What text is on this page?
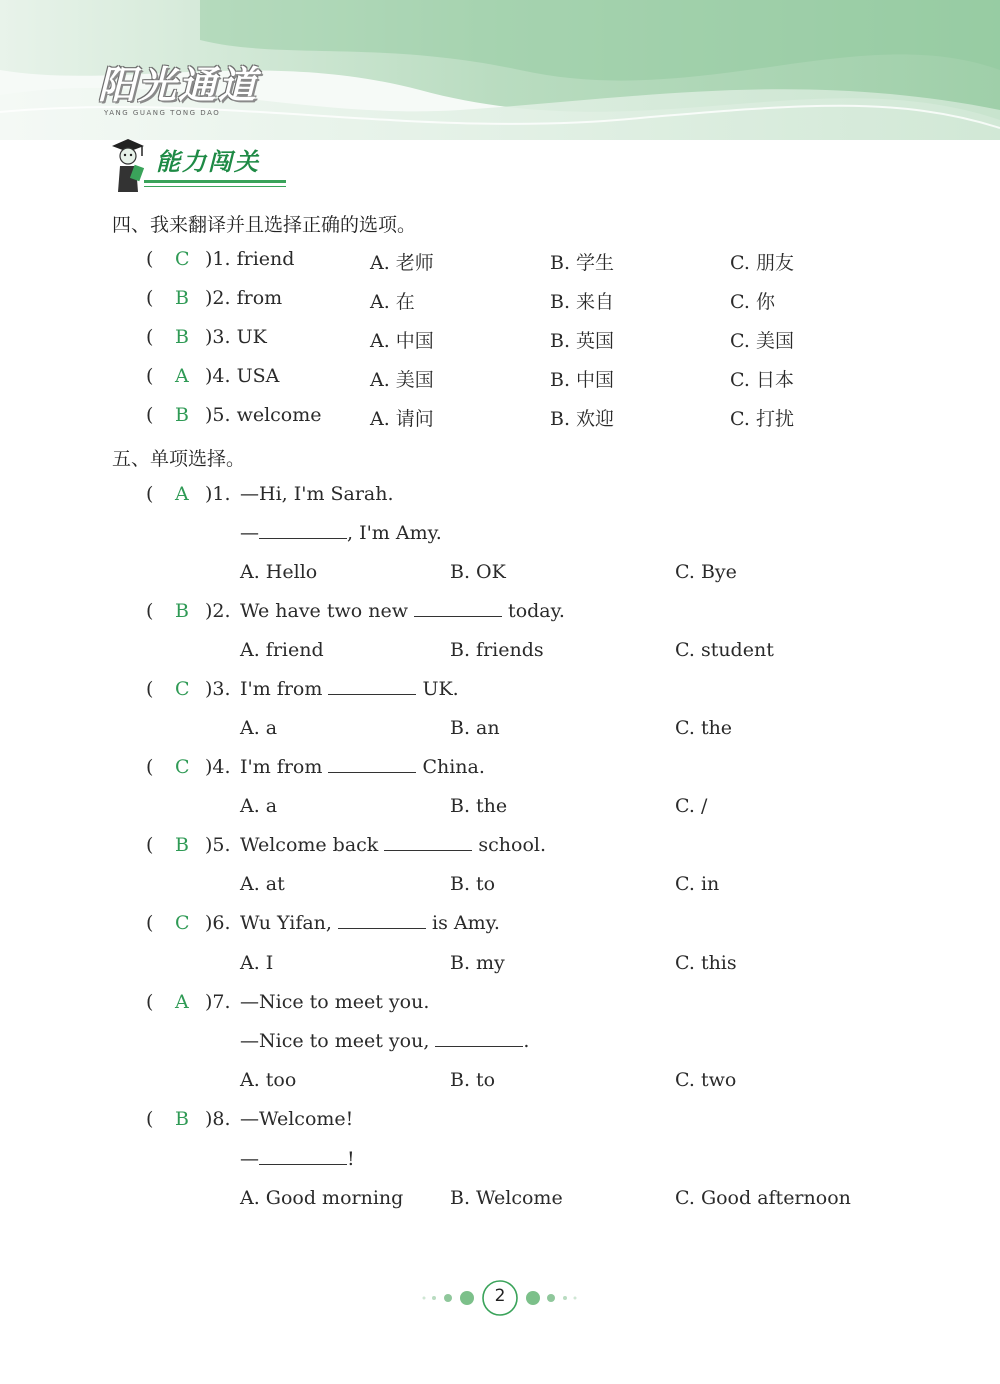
阳光通道
YANG GUANG TONG DAO
能力闯关
四、我来翻译并且选择正确的选项。
( C )1. friend	A. 老师	B. 学生	C. 朋友
( B )2. from	A. 在	B. 来自	C. 你
( B )3. UK	A. 中国	B. 英国	C. 美国
( A )4. USA	A. 美国	B. 中国	C. 日本
( B )5. welcome	A. 请问	B. 欢迎	C. 打扰
五、单项选择。
( A )1. —Hi, I'm Sarah.
—	, I'm Amy.
A. Hello	B. OK	C. Bye
( B )2. We have two new	today.
A. friend	B. friends	C. student
( C )3. I'm from	UK.
A. a	B. an	C. the
( C )4. I'm from	China.
A. a	B. the	C. /
( B )5. Welcome back	school.
A. at	B. to	C. in
( C )6. Wu Yifan,	is Amy.
A. I	B. my	C. this
( A )7. —Nice to meet you.
—Nice to meet you,	.
A. too	B. to	C. two
( B )8. —Welcome!
—	!
A. Good morning B. Welcome	C. Good afternoon
2
